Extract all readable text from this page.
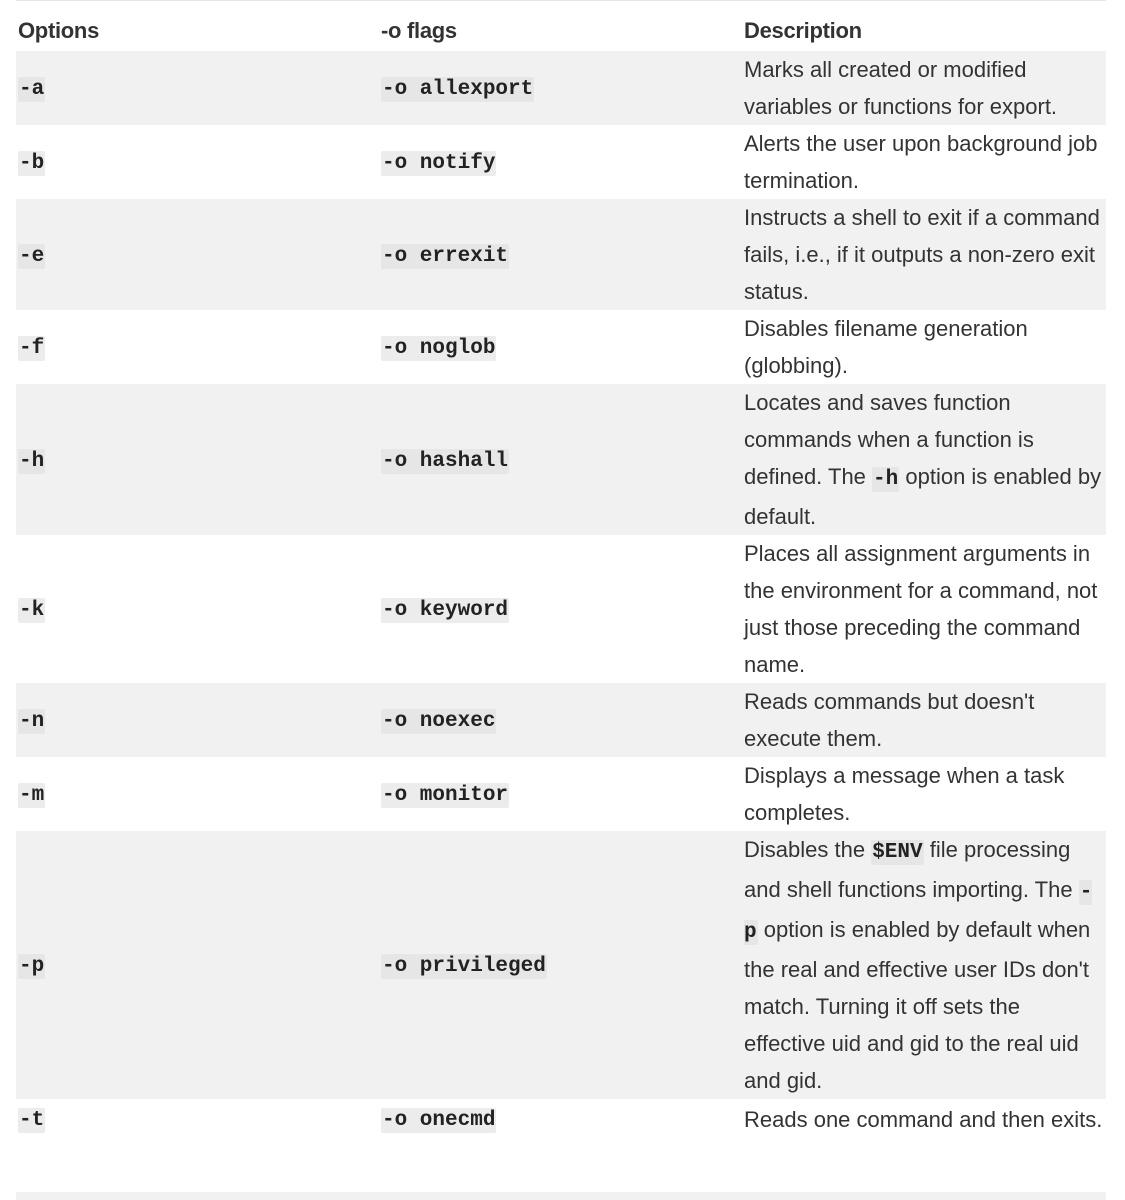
Options	-o flags	Description
-a	-o allexport	Marks all created or modified variables or functions for export.
-b	-o notify	Alerts the user upon background job termination.
-e	-o errexit	Instructs a shell to exit if a command fails, i.e., if it outputs a non-zero exit status.
-f	-o noglob	Disables filename generation (globbing).
-h	-o hashall	Locates and saves function commands when a function is defined. The -h option is enabled by default.
-k	-o keyword	Places all assignment arguments in the environment for a command, not just those preceding the command name.
-n	-o noexec	Reads commands but doesn't execute them.
-m	-o monitor	Displays a message when a task completes.
-p	-o privileged	Disables the $ENV file processing and shell functions importing. The -p option is enabled by default when the real and effective user IDs don't match. Turning it off sets the effective uid and gid to the real uid and gid.
-t	-o onecmd	Reads one command and then exits.
